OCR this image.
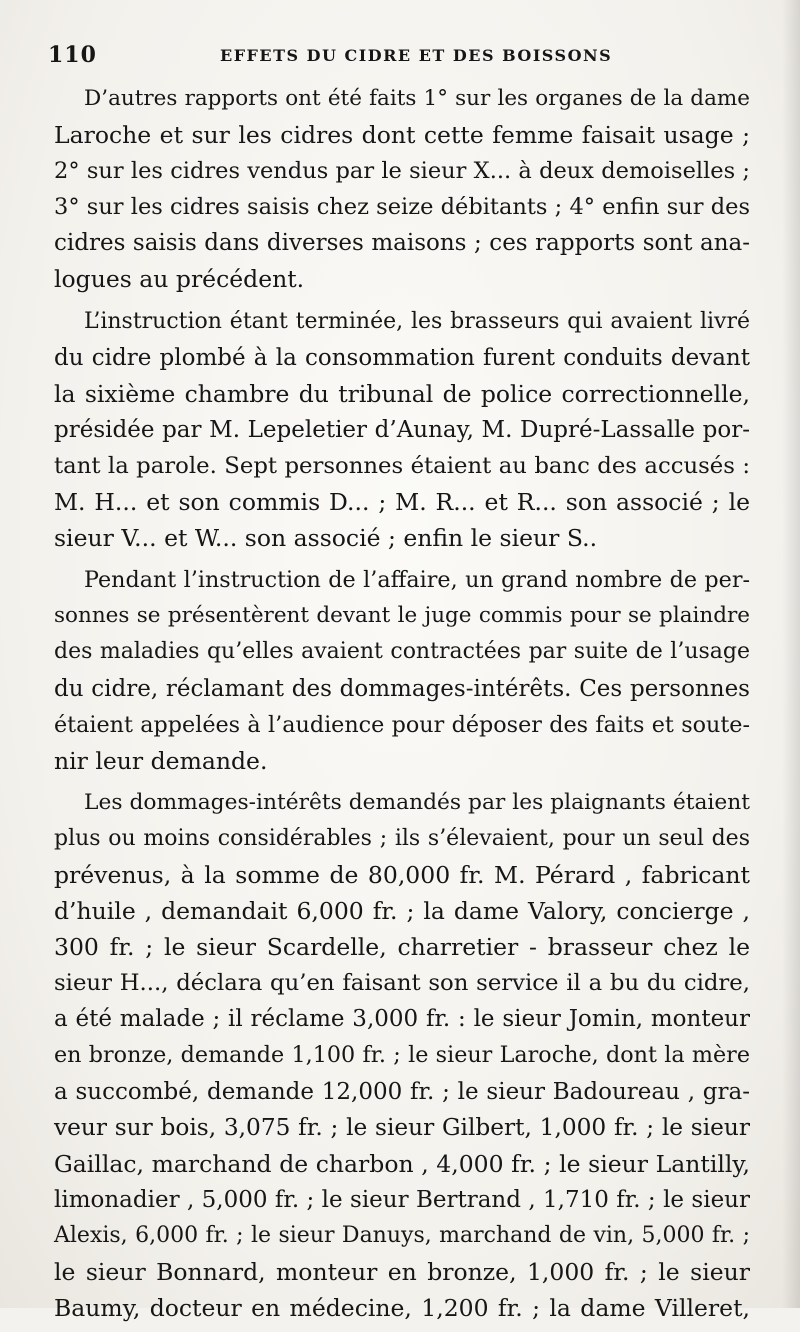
110	EFFETS DU CIDRE ET DES BOISSONS
D’autres rapports ont été faits 1° sur les organes de la dame
Laroche et sur les cidres dont cette femme faisait usage ;
2° sur les cidres vendus par le sieur X... à deux demoiselles ;
3° sur les cidres saisis chez seize débitants ; 4° enfin sur des
cidres saisis dans diverses maisons ; ces rapports sont ana-
logues au précédent.
L’instruction étant terminée, les brasseurs qui avaient livré
du cidre plombé à la consommation furent conduits devant
la sixième chambre du tribunal de police correctionnelle,
présidée par M. Lepeletier d’Aunay, M. Dupré-Lassalle por-
tant la parole. Sept personnes étaient au banc des accusés :
M. H... et son commis D... ; M. R... et R... son associé ; le
sieur V... et W... son associé ; enfin le sieur S..
Pendant l’instruction de l’affaire, un grand nombre de per-
sonnes se présentèrent devant le juge commis pour se plaindre
des maladies qu’elles avaient contractées par suite de l’usage
du cidre, réclamant des dommages-intérêts. Ces personnes
étaient appelées à l’audience pour déposer des faits et soute-
nir leur demande.
Les dommages-intérêts demandés par les plaignants étaient
plus ou moins considérables ; ils s’élevaient, pour un seul des
prévenus, à la somme de 80,000 fr. M. Pérard , fabricant
d’huile , demandait 6,000 fr. ; la dame Valory, concierge ,
300 fr. ; le sieur Scardelle, charretier - brasseur chez le
sieur H..., déclara qu’en faisant son service il a bu du cidre,
a été malade ; il réclame 3,000 fr. : le sieur Jomin, monteur
en bronze, demande 1,100 fr. ; le sieur Laroche, dont la mère
a succombé, demande 12,000 fr. ; le sieur Badoureau , gra-
veur sur bois, 3,075 fr. ; le sieur Gilbert, 1,000 fr. ; le sieur
Gaillac, marchand de charbon , 4,000 fr. ; le sieur Lantilly,
limonadier , 5,000 fr. ; le sieur Bertrand , 1,710 fr. ; le sieur
Alexis, 6,000 fr. ; le sieur Danuys, marchand de vin, 5,000 fr. ;
le sieur Bonnard, monteur en bronze, 1,000 fr. ; le sieur
Baumy, docteur en médecine, 1,200 fr. ; la dame Villeret,
